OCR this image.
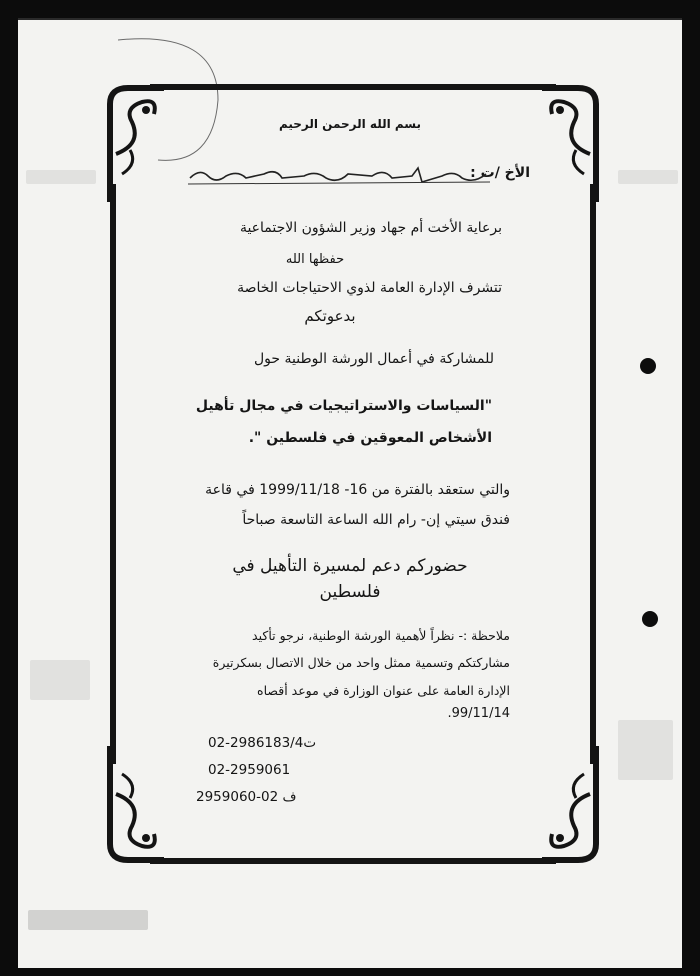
بسم الله الرحمن الرحيم
الأخ /ت :
برعاية الأخت أم جهاد وزير الشؤون الاجتماعية
حفظها الله
تتشرف الإدارة العامة لذوي الاحتياجات الخاصة
بدعوتكم
للمشاركة في أعمال الورشة الوطنية حول
"السياسات والاستراتيجيات في مجال تأهيل
الأشخاص المعوقين في فلسطين ".
والتي ستعقد بالفترة من 16- 1999/11/18 في قاعة
فندق سيتي إن- رام الله الساعة التاسعة صباحاً
حضوركم دعم لمسيرة التأهيل في
فلسطين
ملاحظة :- نظراً لأهمية الورشة الوطنية، نرجو تأكيد
مشاركتكم وتسمية ممثل واحد من خلال الاتصال بسكرتيرة
الإدارة العامة على عنوان الوزارة في موعد أقصاه
99/11/14.
02-2986183/4ت
02-2959061
ف 02-2959060
